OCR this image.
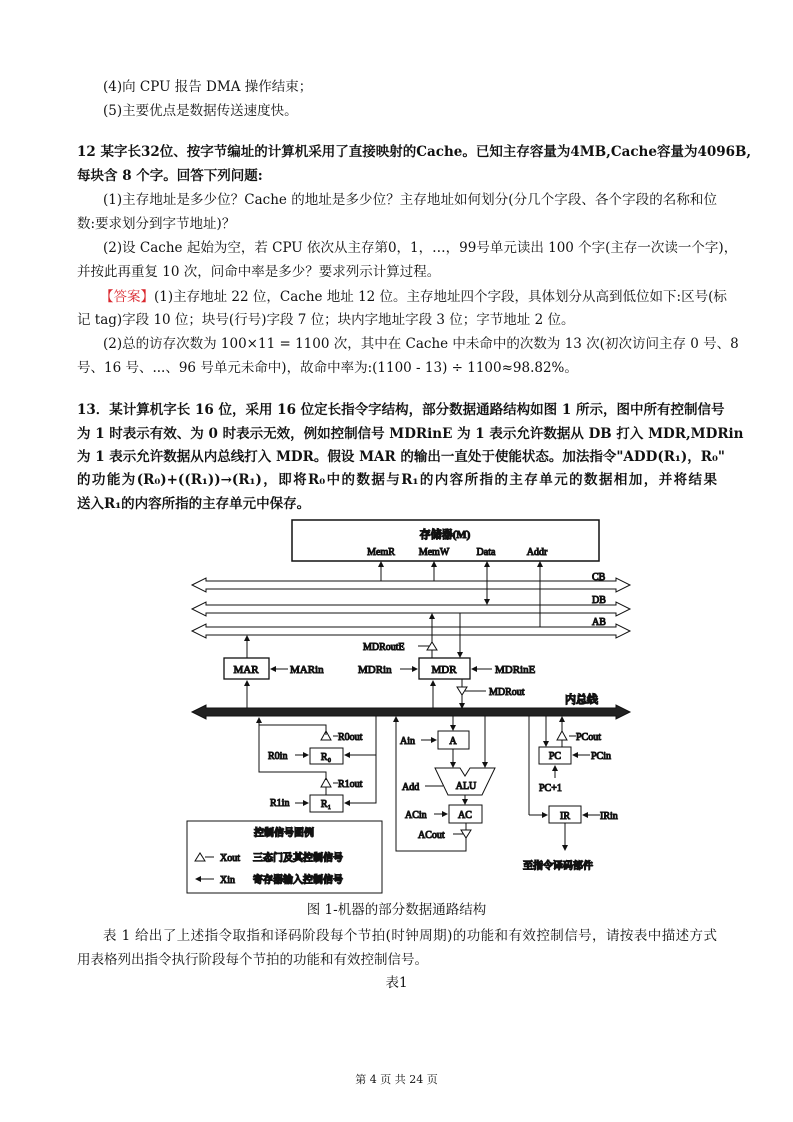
(4)向 CPU 报告 DMA 操作结束；
(5)主要优点是数据传送速度快。
12 某字长32位、按字节编址的计算机采用了直接映射的Cache。已知主存容量为4MB,Cache容量为4096B,
每块含 8 个字。回答下列问题:
(1)主存地址是多少位？Cache 的地址是多少位？主存地址如何划分(分几个字段、各个字段的名称和位
数:要求划分到字节地址)？
(2)设 Cache 起始为空，若 CPU 依次从主存第0，1，…，99号单元读出 100 个字(主存一次读一个字)，
并按此再重复 10 次，问命中率是多少？要求列示计算过程。
【答案】 (1)主存地址 22 位，Cache 地址 12 位。主存地址四个字段，具体划分从高到低位如下:区号(标
记 tag)字段 10 位；块号(行号)字段 7 位；块内字地址字段 3 位；字节地址 2 位。
(2)总的访存次数为 100×11 = 1100 次，其中在 Cache 中未命中的次数为 13 次(初次访问主存 0 号、8
号、16 号、...、96 号单元未命中)，故命中率为:(1100 - 13) ÷ 1100≈98.82%。
13．某计算机字长 16 位，采用 16 位定长指令字结构，部分数据通路结构如图 1 所示，图中所有控制信号
为 1 时表示有效、为 0 时表示无效，例如控制信号 MDRinE 为 1 表示允许数据从 DB 打入 MDR,MDRin
为 1 表示允许数据从内总线打入 MDR。假设 MAR 的输出一直处于使能状态。加法指令"ADD(R₁)，R₀"
的功能为(R₀)+((R₁))→(R₁)，即将R₀中的数据与R₁的内容所指的主存单元的数据相加，并将结果
送入R₁的内容所指的主存单元中保存。
存储器(M)
MemR MemW	Data	Addr
CB
DB
AB
MAR	MARin	MDR
MDRin	MDRinE
MDRoutE
MDRout
内总线
R0out
R₀
R0in
R1out
R₁
R1in
A
Ain
ALU
Add
AC
ACin
ACout
PCout
PC	PCin
PC+1
IR	IRin
至指令译码部件
控制信号图例
Xout 三态门及其控制信号
Xin 寄存器输入控制信号
图 1-机器的部分数据通路结构
表 1 给出了上述指令取指和译码阶段每个节拍(时钟周期)的功能和有效控制信号，请按表中描述方式
用表格列出指令执行阶段每个节拍的功能和有效控制信号。
表1
第 4 页 共 24 页
